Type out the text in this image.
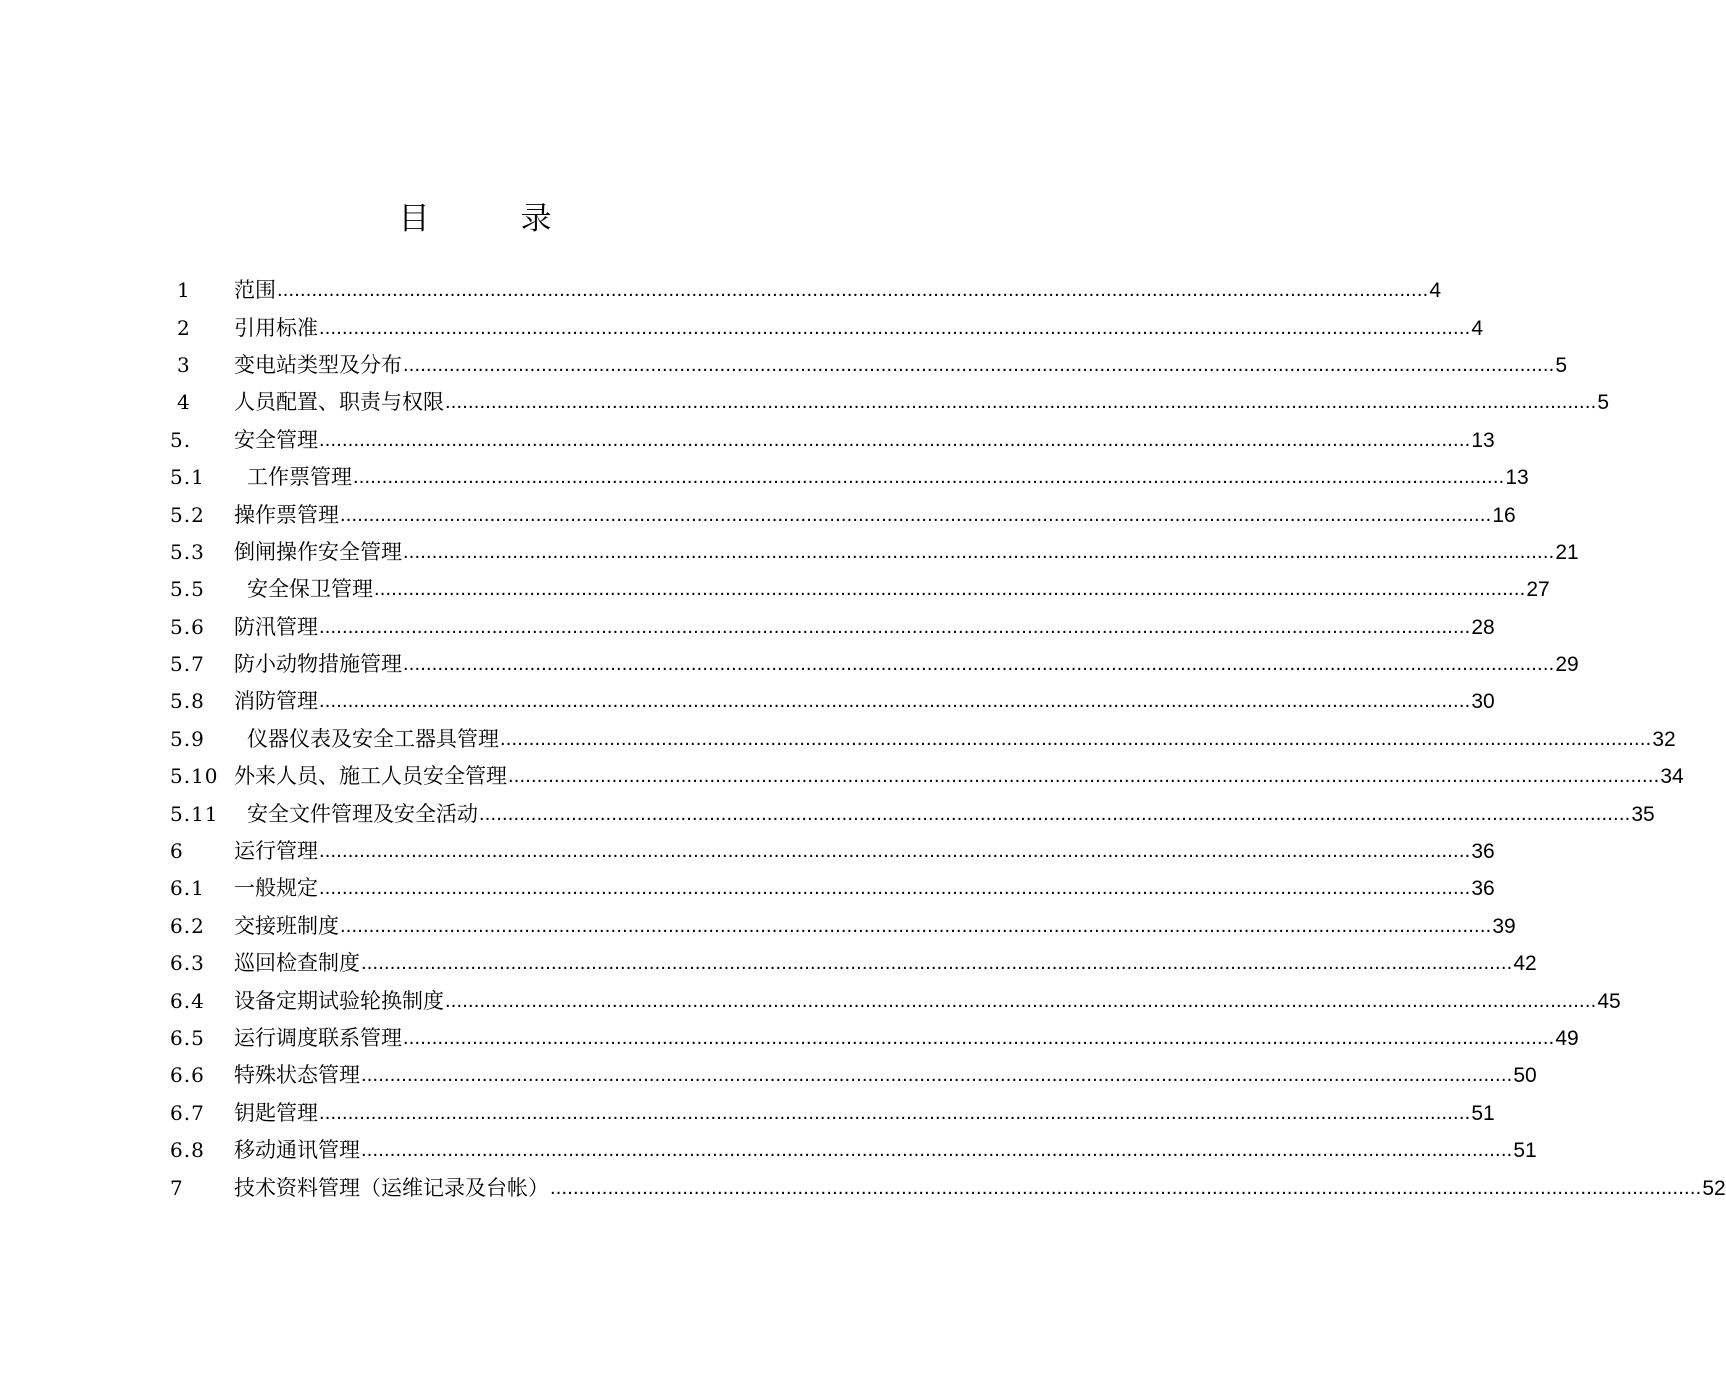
目　录
1 范围 ........................................................................................................................................................................................................ 4
2 引用标准 ........................................................................................................................................................................................................ 4
3 变电站类型及分布 ........................................................................................................................................................................................................ 5
4 人员配置、职责与权限 ........................................................................................................................................................................................................ 5
5. 安全管理 ........................................................................................................................................................................................................ 13
5.1 工作票管理 ........................................................................................................................................................................................................ 13
5.2 操作票管理 ........................................................................................................................................................................................................ 16
5.3 倒闸操作安全管理 ........................................................................................................................................................................................................ 21
5.5 安全保卫管理 ........................................................................................................................................................................................................ 27
5.6 防汛管理 ........................................................................................................................................................................................................ 28
5.7 防小动物措施管理 ........................................................................................................................................................................................................ 29
5.8 消防管理 ........................................................................................................................................................................................................ 30
5.9 仪器仪表及安全工器具管理 ........................................................................................................................................................................................................ 32
5.10 外来人员、施工人员安全管理 ........................................................................................................................................................................................................ 34
5.11 安全文件管理及安全活动 ........................................................................................................................................................................................................ 35
6 运行管理 ........................................................................................................................................................................................................ 36
6.1 一般规定 ........................................................................................................................................................................................................ 36
6.2 交接班制度 ........................................................................................................................................................................................................ 39
6.3 巡回检查制度 ........................................................................................................................................................................................................ 42
6.4 设备定期试验轮换制度 ........................................................................................................................................................................................................ 45
6.5 运行调度联系管理 ........................................................................................................................................................................................................ 49
6.6 特殊状态管理 ........................................................................................................................................................................................................ 50
6.7 钥匙管理 ........................................................................................................................................................................................................ 51
6.8 移动通讯管理 ........................................................................................................................................................................................................ 51
7 技术资料管理（运维记录及台帐） ........................................................................................................................................................................................................ 52
